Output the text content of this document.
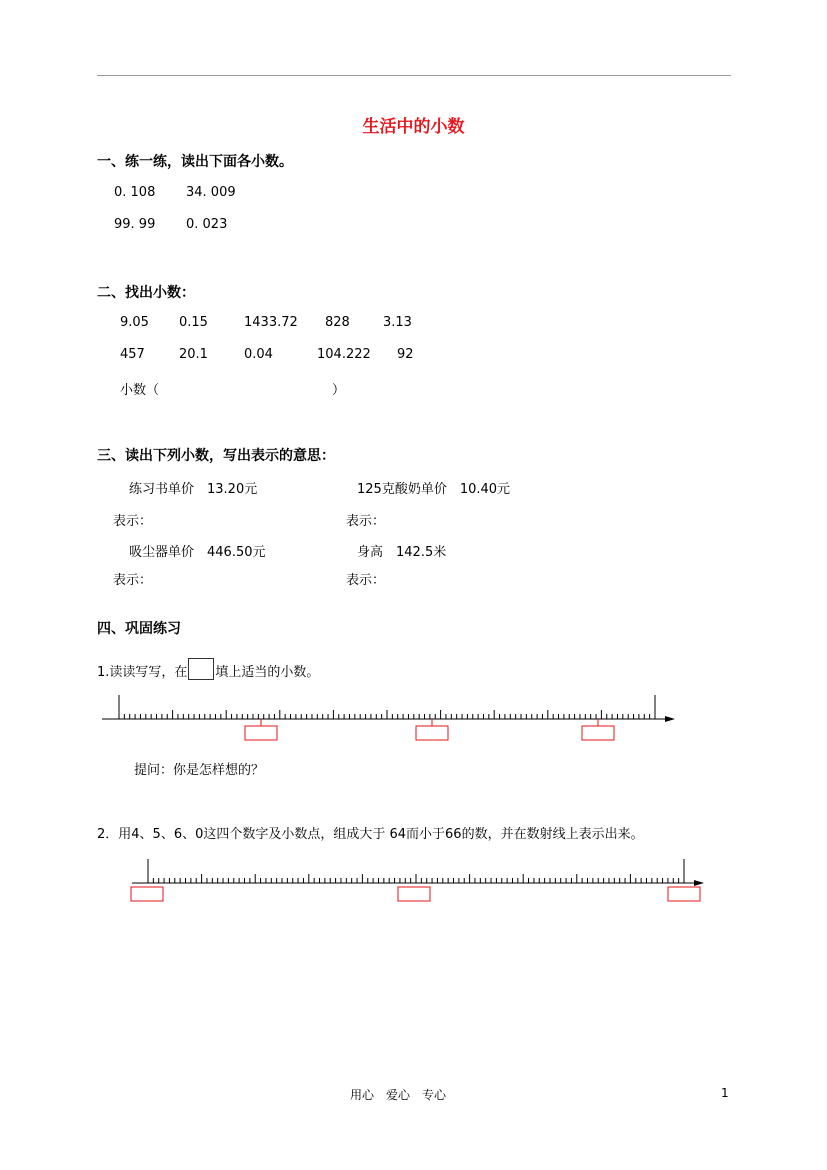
生活中的小数
一、练一练，读出下面各小数。
0. 108 34. 009
99. 99 0. 023
二、找出小数：
9.05 0.15	1433.72 828	3.13
457	20.1	0.04	104.222 92
小数（	）
三、读出下列小数，写出表示的意思：
练习书单价　13.20元	125克酸奶单价　10.40元
表示：	表示：
吸尘器单价　446.50元	身高　142.5米
表示：	表示：
四、巩固练习
1.读读写写，在 填上适当的小数。
提问：你是怎样想的？
2．用4、5、6、0这四个数字及小数点，组成大于 64而小于66的数，并在数射线上表示出来。
用心　爱心　专心	1
